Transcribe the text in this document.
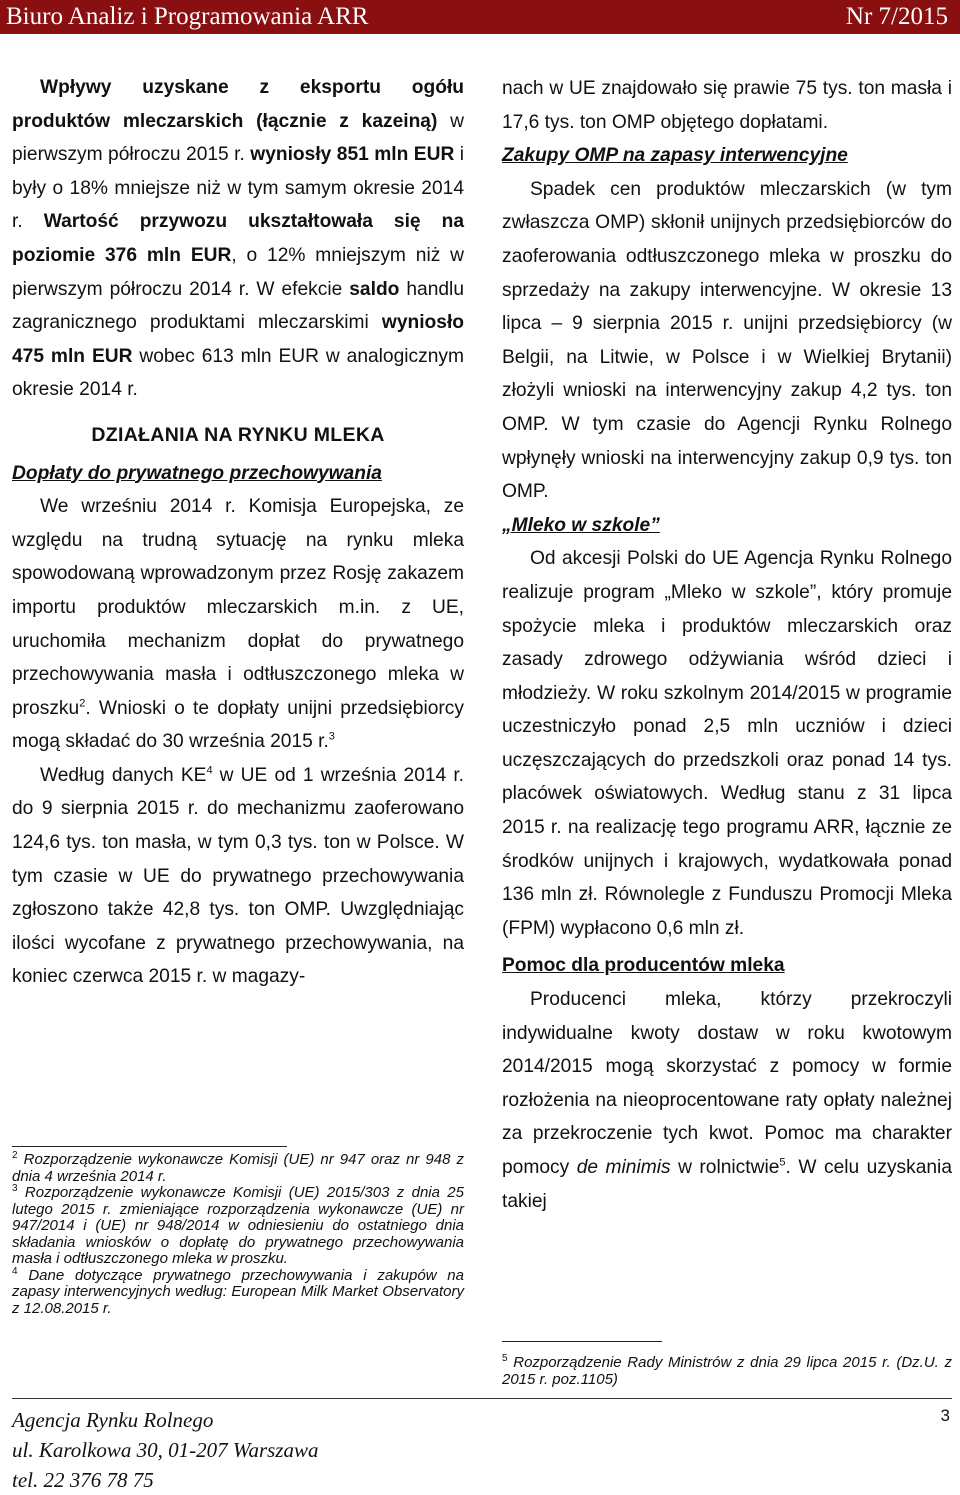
Biuro Analiz i Programowania ARR	Nr 7/2015

Wpływy uzyskane z eksportu ogółu produktów mleczarskich (łącznie z kazeiną) w pierwszym półroczu 2015 r. wyniosły 851 mln EUR i były o 18% mniejsze niż w tym samym okresie 2014 r. Wartość przywozu ukształtowała się na poziomie 376 mln EUR, o 12% mniejszym niż w pierwszym półroczu 2014 r. W efekcie saldo handlu zagranicznego produktami mleczarskimi wyniosło 475 mln EUR wobec 613 mln EUR w analogicznym okresie 2014 r.

DZIAŁANIA NA RYNKU MLEKA

Dopłaty do prywatnego przechowywania

We wrześniu 2014 r. Komisja Europejska, ze względu na trudną sytuację na rynku mleka spowodowaną wprowadzonym przez Rosję zakazem importu produktów mleczarskich m.in. z UE, uruchomiła mechanizm dopłat do prywatnego przechowywania masła i odtłuszczonego mleka w proszku$^2$. Wnioski o te dopłaty unijni przedsiębiorcy mogą składać do 30 września 2015 r.$^3$

Według danych $KE^4$ w UE od 1 września 2014 r. do 9 sierpnia 2015 r. do mechanizmu zaoferowano 124,6 tys. ton masła, w tym 0,3 tys. ton w Polsce. W tym czasie w UE do prywatnego przechowywania zgłoszono także 42,8 tys. ton OMP. Uwzględniając ilości wycofane z prywatnego przechowywania, na koniec czerwca 2015 r. w magazy-

$^2$ Rozporządzenie wykonawcze Komisji (UE) nr 947 oraz nr 948 z dnia 4 września 2014 r.

$^3$ Rozporządzenie wykonawcze Komisji (UE) 2015/303 z dnia 25 lutego 2015 r. zmieniające rozporządzenia wykonawcze (UE) nr 947/2014 i (UE) nr 948/2014 w odniesieniu do ostatniego dnia składania wniosków o dopłatę do prywatnego przechowywania masła i odtłuszczonego mleka w proszku.

$^4$ Dane dotyczące prywatnego przechowywania i zakupów na zapasy interwencyjnych według: European Milk Market Observatory z 12.08.2015 r.

nach w UE znajdowało się prawie 75 tys. ton masła i 17,6 tys. ton OMP objętego dopłatami.

Zakupy OMP na zapasy interwencyjne

Spadek cen produktów mleczarskich (w tym zwłaszcza OMP) skłonił unijnych przedsiębiorców do zaoferowania odtłuszczonego mleka w proszku do sprzedaży na zakupy interwencyjne. W okresie 13 lipca – 9 sierpnia 2015 r. unijni przedsiębiorcy (w Belgii, na Litwie, w Polsce i w Wielkiej Brytanii) złożyli wnioski na interwencyjny zakup 4,2 tys. ton OMP. W tym czasie do Agencji Rynku Rolnego wpłynęły wnioski na interwencyjny zakup 0,9 tys. ton OMP.

„Mleko w szkole”

Od akcesji Polski do UE Agencja Rynku Rolnego realizuje program „Mleko w szkole”, który promuje spożycie mleka i produktów mleczarskich oraz zasady zdrowego odżywiania wśród dzieci i młodzieży. W roku szkolnym 2014/2015 w programie uczestniczyło ponad 2,5 mln uczniów i dzieci uczęszczających do przedszkoli oraz ponad 14 tys. placówek oświatowych. Według stanu z 31 lipca 2015 r. na realizację tego programu ARR, łącznie ze środków unijnych i krajowych, wydatkowała ponad 136 mln zł. Równolegle z Funduszu Promocji Mleka (FPM) wypłacono 0,6 mln zł.

Pomoc dla producentów mleka

Producenci mleka, którzy przekroczyli indywidualne kwoty dostaw w roku kwotowym 2014/2015 mogą skorzystać z pomocy w formie rozłożenia na nieoprocentowane raty opłaty należnej za przekroczenie tych kwot. Pomoc ma charakter pomocy de minimis w rolnictwie$^5$. W celu uzyskania takiej

$^5$ Rozporządzenie Rady Ministrów z dnia 29 lipca 2015 r. (Dz.U. z 2015 r. poz.1105)

Agencja Rynku Rolnego
ul. Karolkowa 30, 01-207 Warszawa
tel. 22 376 78 75
3
